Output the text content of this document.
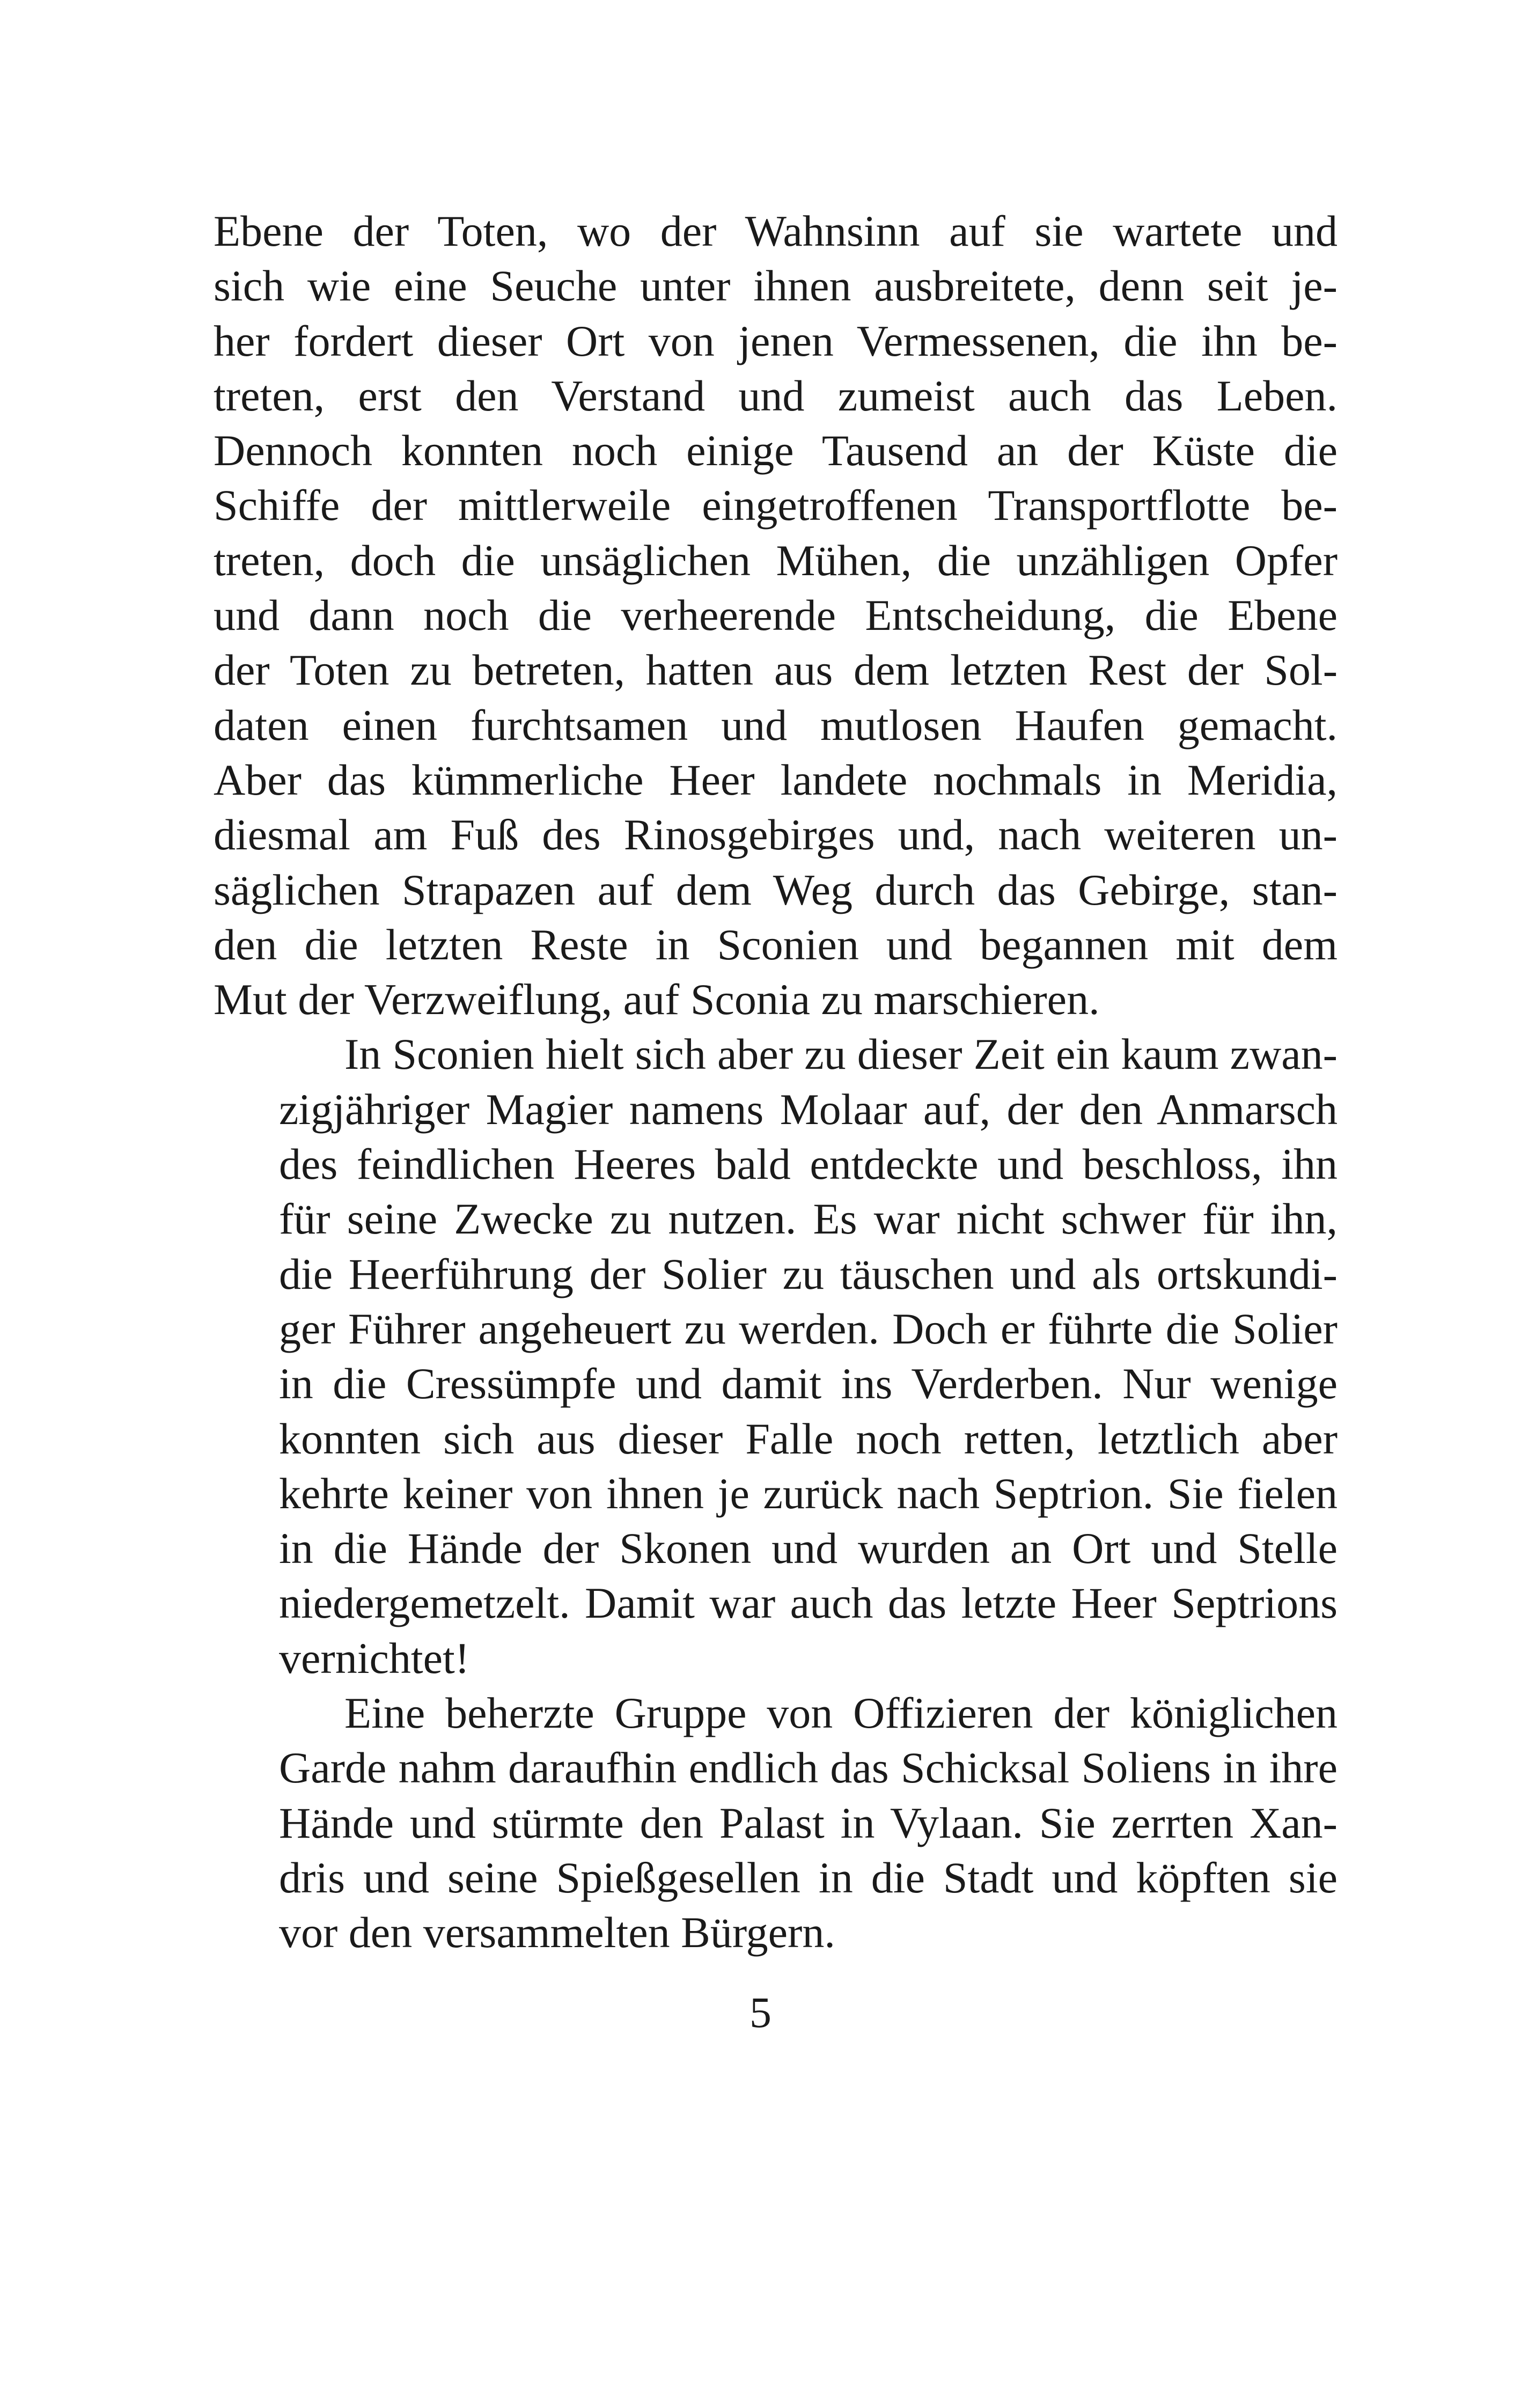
Ebene der Toten, wo der Wahnsinn auf sie wartete und
sich wie eine Seuche unter ihnen ausbreitete, denn seit je-
her fordert dieser Ort von jenen Vermessenen, die ihn be-
treten, erst den Verstand und zumeist auch das Leben.
Dennoch konnten noch einige Tausend an der Küste die
Schiffe der mittlerweile eingetroffenen Transportflotte be-
treten, doch die unsäglichen Mühen, die unzähligen Opfer
und dann noch die verheerende Entscheidung, die Ebene
der Toten zu betreten, hatten aus dem letzten Rest der Sol-
daten einen furchtsamen und mutlosen Haufen gemacht.
Aber das kümmerliche Heer landete nochmals in Meridia,
diesmal am Fuß des Rinosgebirges und, nach weiteren un-
säglichen Strapazen auf dem Weg durch das Gebirge, stan-
den die letzten Reste in Sconien und begannen mit dem
Mut der Verzweiflung, auf Sconia zu marschieren.

In Sconien hielt sich aber zu dieser Zeit ein kaum zwan-
zigjähriger Magier namens Molaar auf, der den Anmarsch
des feindlichen Heeres bald entdeckte und beschloss, ihn
für seine Zwecke zu nutzen. Es war nicht schwer für ihn,
die Heerführung der Solier zu täuschen und als ortskundi-
ger Führer angeheuert zu werden. Doch er führte die Solier
in die Cressümpfe und damit ins Verderben. Nur wenige
konnten sich aus dieser Falle noch retten, letztlich aber
kehrte keiner von ihnen je zurück nach Septrion. Sie fielen
in die Hände der Skonen und wurden an Ort und Stelle
niedergemetzelt. Damit war auch das letzte Heer Septrions
vernichtet!

Eine beherzte Gruppe von Offizieren der königlichen
Garde nahm daraufhin endlich das Schicksal Soliens in ihre
Hände und stürmte den Palast in Vylaan. Sie zerrten Xan-
dris und seine Spießgesellen in die Stadt und köpften sie
vor den versammelten Bürgern.

5
